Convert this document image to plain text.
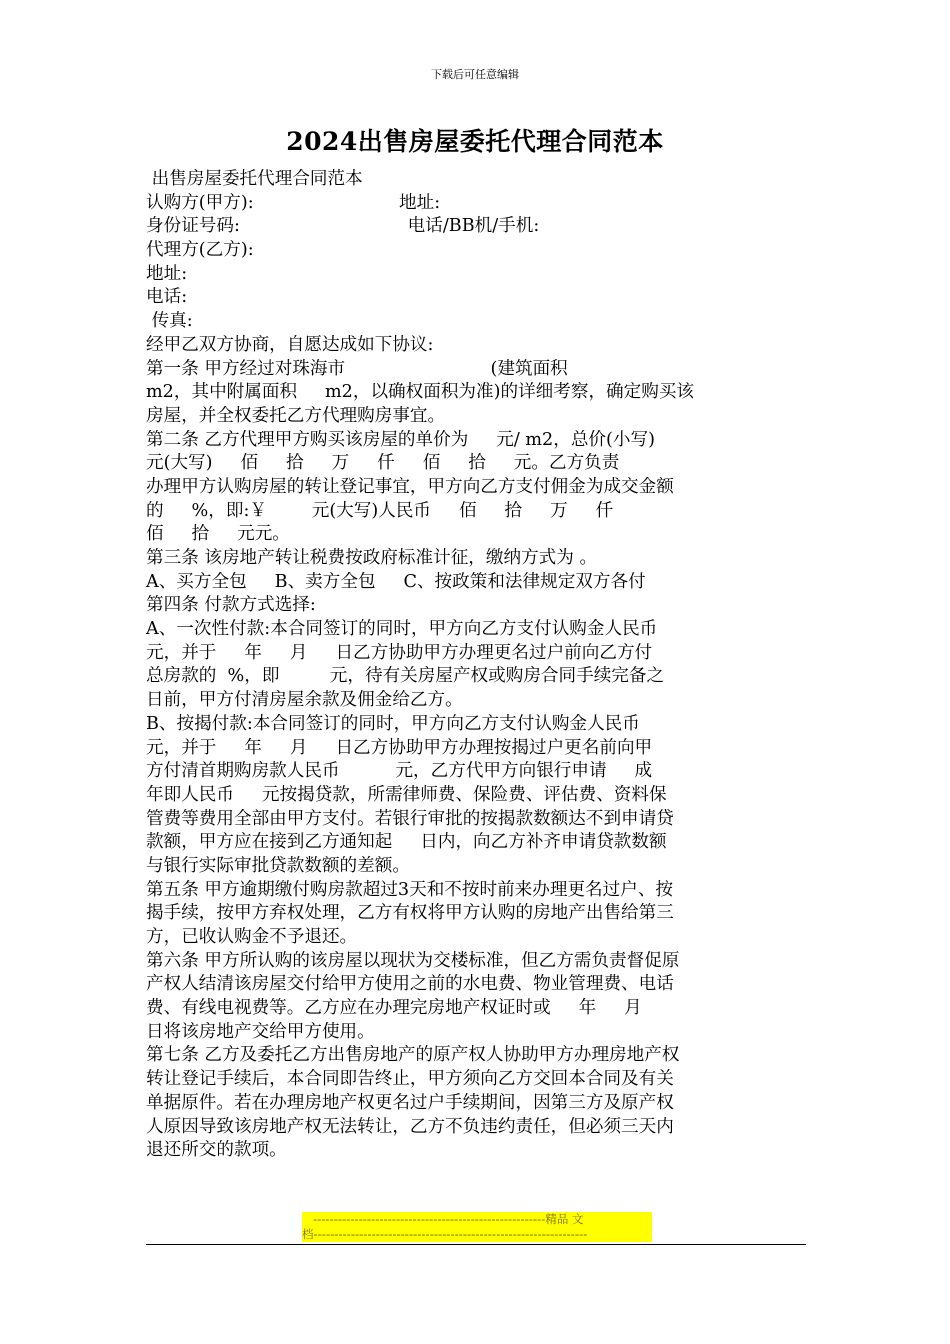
下载后可任意编辑
2024出售房屋委托代理合同范本
出售房屋委托代理合同范本
认购方(甲方):                          地址:
身份证号码:                              电话/BB机/手机:
代理方(乙方):
地址:
电话:
传真:
经甲乙双方协商，自愿达成如下协议:
第一条 甲方经过对珠海市                          (建筑面积
m2，其中附属面积     m2，以确权面积为准)的详细考察，确定购买该
房屋，并全权委托乙方代理购房事宜。
第二条 乙方代理甲方购买该房屋的单价为     元/ m2，总价(小写)
元(大写)     佰     拾     万     仟     佰     拾     元。乙方负责
办理甲方认购房屋的转让登记事宜，甲方向乙方支付佣金为成交金额
的     %，即:￥        元(大写)人民币     佰     拾     万     仟
佰     拾     元元。
第三条 该房地产转让税费按政府标准计征，缴纳方式为 。
A、买方全包     B、卖方全包     C、按政策和法律规定双方各付
第四条 付款方式选择:
A、一次性付款:本合同签订的同时，甲方向乙方支付认购金人民币
元，并于     年     月     日乙方协助甲方办理更名过户前向乙方付
总房款的  %，即         元，待有关房屋产权或购房合同手续完备之
日前，甲方付清房屋余款及佣金给乙方。
B、按揭付款:本合同签订的同时，甲方向乙方支付认购金人民币
元，并于     年     月     日乙方协助甲方办理按揭过户更名前向甲
方付清首期购房款人民币          元，乙方代甲方向银行申请     成
年即人民币     元按揭贷款，所需律师费、保险费、评估费、资料保
管费等费用全部由甲方支付。若银行审批的按揭款数额达不到申请贷
款额，甲方应在接到乙方通知起     日内，向乙方补齐申请贷款数额
与银行实际审批贷款数额的差额。
第五条 甲方逾期缴付购房款超过3天和不按时前来办理更名过户、按
揭手续，按甲方弃权处理，乙方有权将甲方认购的房地产出售给第三
方，已收认购金不予退还。
第六条 甲方所认购的该房屋以现状为交楼标准，但乙方需负责督促原
产权人结清该房屋交付给甲方使用之前的水电费、物业管理费、电话
费、有线电视费等。乙方应在办理完房地产权证时或     年     月
日将该房地产交给甲方使用。
第七条 乙方及委托乙方出售房地产的原产权人协助甲方办理房地产权
转让登记手续后，本合同即告终止，甲方须向乙方交回本合同及有关
单据原件。若在办理房地产权更名过户手续期间，因第三方及原产权
人原因导致该房地产权无法转让，乙方不负违约责任，但必须三天内
退还所交的款项。
--------------------------------------------------------精品 文
档------------------------------------------------------------------
